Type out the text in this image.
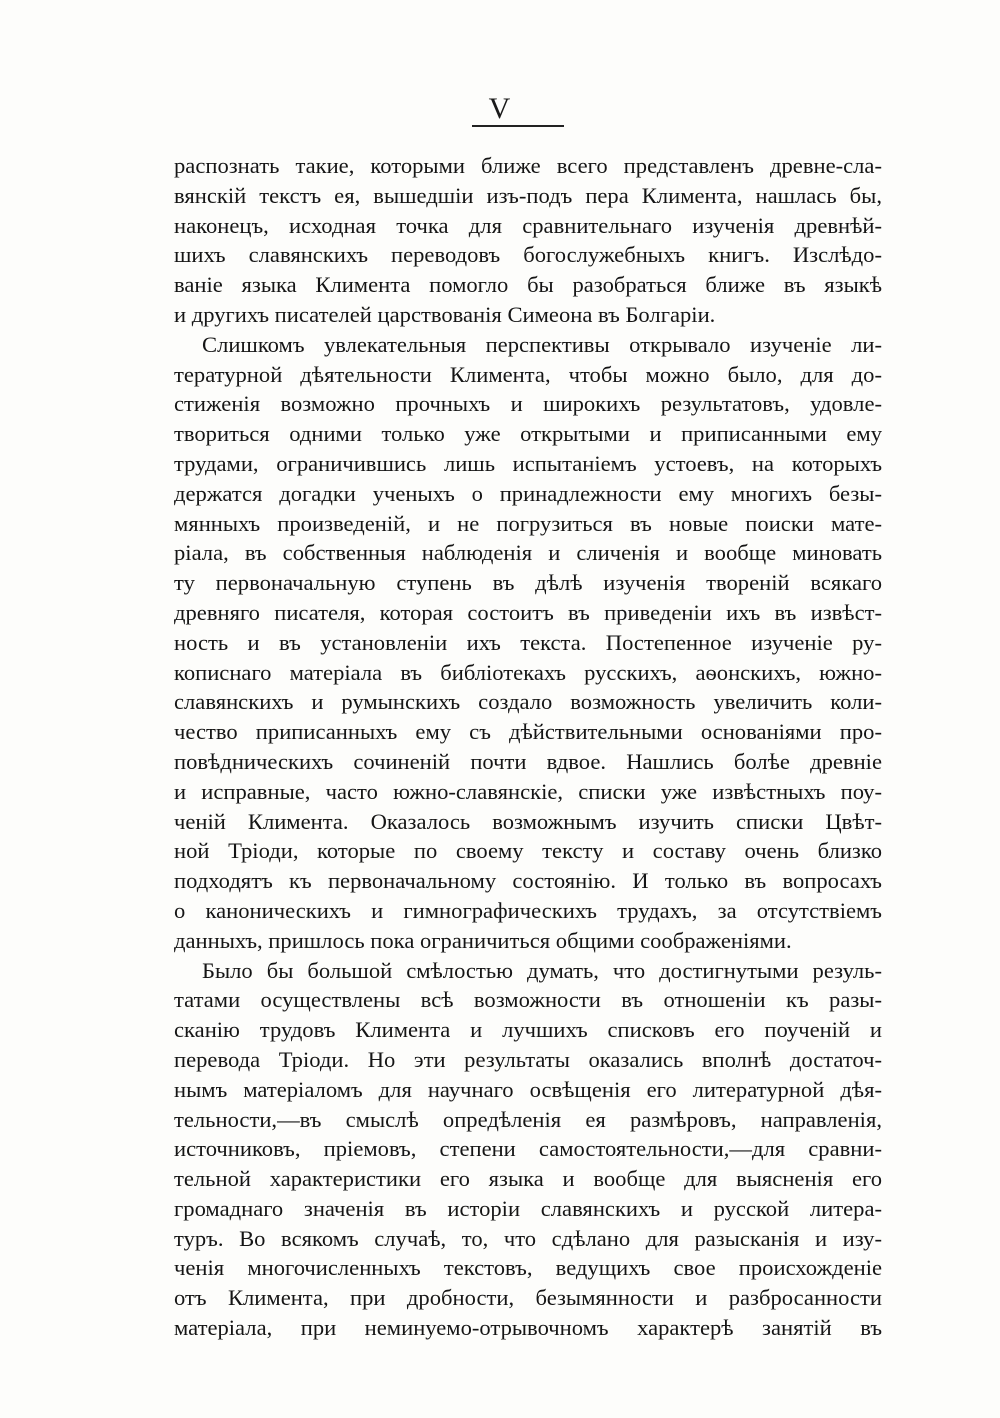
V
распознать такие, которыми ближе всего представленъ древне-сла-
вянскій текстъ ея, вышедшіи изъ-подъ пера Климента, нашлась бы,
наконецъ, исходная точка для сравнительнаго изученія древнѣй-
шихъ славянскихъ переводовъ богослужебныхъ книгъ. Изслѣдо-
ваніе языка Климента помогло бы разобраться ближе въ языкѣ
и другихъ писателей царствованія Симеона въ Болгаріи.
Слишкомъ увлекательныя перспективы открывало изученіе ли-
тературной дѣятельности Климента, чтобы можно было, для до-
стиженія возможно прочныхъ и широкихъ результатовъ, удовле-
твориться одними только уже открытыми и приписанными ему
трудами, ограничившись лишь испытаніемъ устоевъ, на которыхъ
держатся догадки ученыхъ о принадлежности ему многихъ безы-
мянныхъ произведеній, и не погрузиться въ новые поиски мате-
ріала, въ собственныя наблюденія и сличенія и вообще миновать
ту первоначальную ступень въ дѣлѣ изученія твореній всякаго
древняго писателя, которая состоитъ въ приведеніи ихъ въ извѣст-
ность и въ установленіи ихъ текста. Постепенное изученіе ру-
кописнаго матеріала въ библіотекахъ русскихъ, аѳонскихъ, южно-
славянскихъ и румынскихъ создало возможность увеличить коли-
чество приписанныхъ ему съ дѣйствительными основаніями про-
повѣдническихъ сочиненій почти вдвое. Нашлись болѣе древніе
и исправные, часто южно-славянскіе, списки уже извѣстныхъ поу-
ченій Климента. Оказалось возможнымъ изучить списки Цвѣт-
ной Тріоди, которые по своему тексту и составу очень близко
подходятъ къ первоначальному состоянію. И только въ вопросахъ
о каноническихъ и гимнографическихъ трудахъ, за отсутствіемъ
данныхъ, пришлось пока ограничиться общими соображеніями.
Было бы большой смѣлостью думать, что достигнутыми резуль-
татами осуществлены всѣ возможности въ отношеніи къ разы-
сканію трудовъ Климента и лучшихъ списковъ его поученій и
перевода Тріоди. Но эти результаты оказались вполнѣ достаточ-
нымъ матеріаломъ для научнаго освѣщенія его литературной дѣя-
тельности,—въ смыслѣ опредѣленія ея размѣровъ, направленія,
источниковъ, пріемовъ, степени самостоятельности,—для сравни-
тельной характеристики его языка и вообще для выясненія его
громаднаго значенія въ исторіи славянскихъ и русской литера-
туръ. Во всякомъ случаѣ, то, что сдѣлано для разысканія и изу-
ченія многочисленныхъ текстовъ, ведущихъ свое происхожденіе
отъ Климента, при дробности, безымянности и разбросанности
матеріала, при неминуемо-отрывочномъ характерѣ занятій въ
